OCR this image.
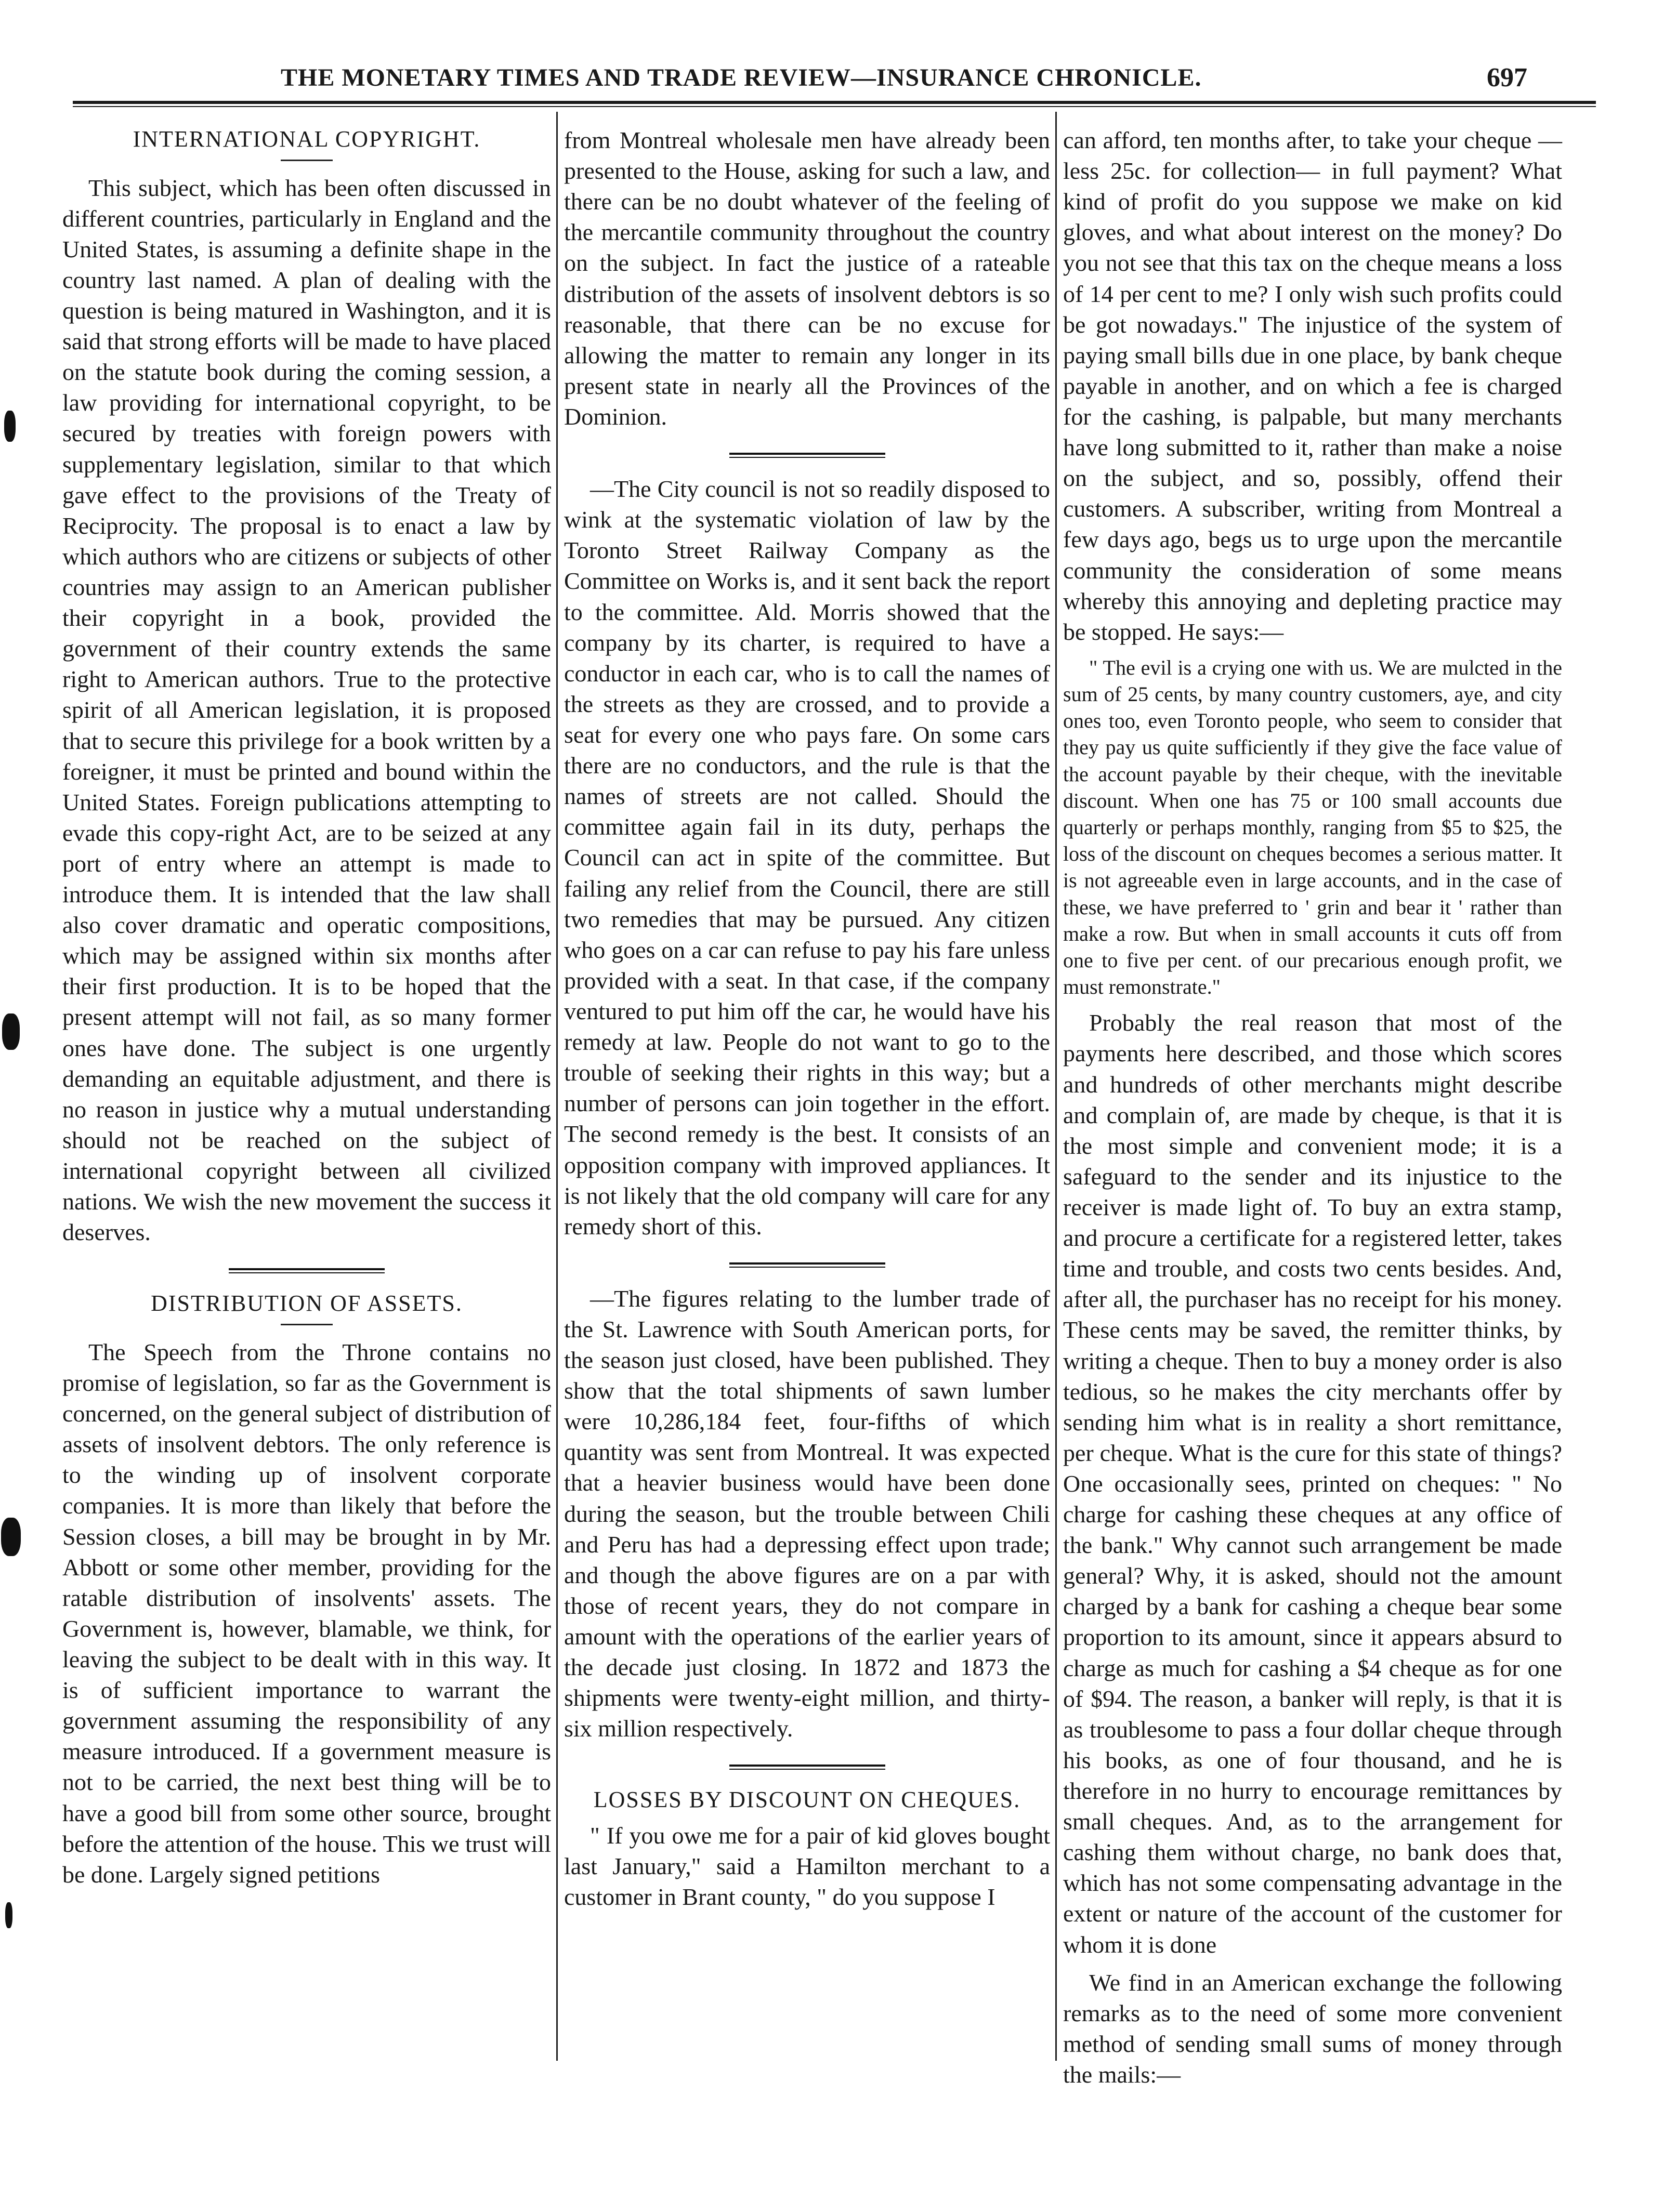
THE MONETARY TIMES AND TRADE REVIEW—INSURANCE CHRONICLE.	697
INTERNATIONAL COPYRIGHT.

This subject, which has been often discussed in different countries, particularly in England and the United States, is assuming a definite shape in the country last named. A plan of dealing with the question is being matured in Washington, and it is said that strong efforts will be made to have placed on the statute book during the coming session, a law providing for international copyright, to be secured by treaties with foreign powers with supplementary legislation, similar to that which gave effect to the provisions of the Treaty of Reciprocity. The proposal is to enact a law by which authors who are citizens or subjects of other countries may assign to an American publisher their copyright in a book, provided the government of their country extends the same right to American authors. True to the protective spirit of all American legislation, it is proposed that to secure this privilege for a book written by a foreigner, it must be printed and bound within the United States. Foreign publications attempting to evade this copy-right Act, are to be seized at any port of entry where an attempt is made to introduce them. It is intended that the law shall also cover dramatic and operatic compositions, which may be assigned within six months after their first production. It is to be hoped that the present attempt will not fail, as so many former ones have done. The subject is one urgently demanding an equitable adjustment, and there is no reason in justice why a mutual understanding should not be reached on the subject of international copyright between all civilized nations. We wish the new movement the success it deserves.

DISTRIBUTION OF ASSETS.

The Speech from the Throne contains no promise of legislation, so far as the Government is concerned, on the general subject of distribution of assets of insolvent debtors. The only reference is to the winding up of insolvent corporate companies. It is more than likely that before the Session closes, a bill may be brought in by Mr. Abbott or some other member, providing for the ratable distribution of insolvents' assets. The Government is, however, blamable, we think, for leaving the subject to be dealt with in this way. It is of sufficient importance to warrant the government assuming the responsibility of any measure introduced. If a government measure is not to be carried, the next best thing will be to have a good bill from some other source, brought before the attention of the house. This we trust will be done. Largely signed petitions

from Montreal wholesale men have already been presented to the House, asking for such a law, and there can be no doubt whatever of the feeling of the mercantile community throughout the country on the subject. In fact the justice of a rateable distribution of the assets of insolvent debtors is so reasonable, that there can be no excuse for allowing the matter to remain any longer in its present state in nearly all the Provinces of the Dominion.

—The City council is not so readily disposed to wink at the systematic violation of law by the Toronto Street Railway Company as the Committee on Works is, and it sent back the report to the committee. Ald. Morris showed that the company by its charter, is required to have a conductor in each car, who is to call the names of the streets as they are crossed, and to provide a seat for every one who pays fare. On some cars there are no conductors, and the rule is that the names of streets are not called. Should the committee again fail in its duty, perhaps the Council can act in spite of the committee. But failing any relief from the Council, there are still two remedies that may be pursued. Any citizen who goes on a car can refuse to pay his fare unless provided with a seat. In that case, if the company ventured to put him off the car, he would have his remedy at law. People do not want to go to the trouble of seeking their rights in this way; but a number of persons can join together in the effort. The second remedy is the best. It consists of an opposition company with improved appliances. It is not likely that the old company will care for any remedy short of this.

—The figures relating to the lumber trade of the St. Lawrence with South American ports, for the season just closed, have been published. They show that the total shipments of sawn lumber were 10,286,184 feet, four-fifths of which quantity was sent from Montreal. It was expected that a heavier business would have been done during the season, but the trouble between Chili and Peru has had a depressing effect upon trade; and though the above figures are on a par with those of recent years, they do not compare in amount with the operations of the earlier years of the decade just closing. In 1872 and 1873 the shipments were twenty-eight million, and thirty-six million respectively.

LOSSES BY DISCOUNT ON CHEQUES.

" If you owe me for a pair of kid gloves bought last January," said a Hamilton merchant to a customer in Brant county, " do you suppose I

can afford, ten months after, to take your cheque —less 25c. for collection— in full payment? What kind of profit do you suppose we make on kid gloves, and what about interest on the money? Do you not see that this tax on the cheque means a loss of 14 per cent to me? I only wish such profits could be got nowadays." The injustice of the system of paying small bills due in one place, by bank cheque payable in another, and on which a fee is charged for the cashing, is palpable, but many merchants have long submitted to it, rather than make a noise on the subject, and so, possibly, offend their customers. A subscriber, writing from Montreal a few days ago, begs us to urge upon the mercantile community the consideration of some means whereby this annoying and depleting practice may be stopped. He says:—

" The evil is a crying one with us. We are mulcted in the sum of 25 cents, by many country customers, aye, and city ones too, even Toronto people, who seem to consider that they pay us quite sufficiently if they give the face value of the account payable by their cheque, with the inevitable discount. When one has 75 or 100 small accounts due quarterly or perhaps monthly, ranging from $5 to $25, the loss of the discount on cheques becomes a serious matter. It is not agreeable even in large accounts, and in the case of these, we have preferred to ' grin and bear it ' rather than make a row. But when in small accounts it cuts off from one to five per cent. of our precarious enough profit, we must remonstrate."

Probably the real reason that most of the payments here described, and those which scores and hundreds of other merchants might describe and complain of, are made by cheque, is that it is the most simple and convenient mode; it is a safeguard to the sender and its injustice to the receiver is made light of. To buy an extra stamp, and procure a certificate for a registered letter, takes time and trouble, and costs two cents besides. And, after all, the purchaser has no receipt for his money. These cents may be saved, the remitter thinks, by writing a cheque. Then to buy a money order is also tedious, so he makes the city merchants offer by sending him what is in reality a short remittance, per cheque. What is the cure for this state of things? One occasionally sees, printed on cheques: " No charge for cashing these cheques at any office of the bank." Why cannot such arrangement be made general? Why, it is asked, should not the amount charged by a bank for cashing a cheque bear some proportion to its amount, since it appears absurd to charge as much for cashing a $4 cheque as for one of $94. The reason, a banker will reply, is that it is as troublesome to pass a four dollar cheque through his books, as one of four thousand, and he is therefore in no hurry to encourage remittances by small cheques. And, as to the arrangement for cashing them without charge, no bank does that, which has not some compensating advantage in the extent or nature of the account of the customer for whom it is done

We find in an American exchange the following remarks as to the need of some more convenient method of sending small sums of money through the mails:—
